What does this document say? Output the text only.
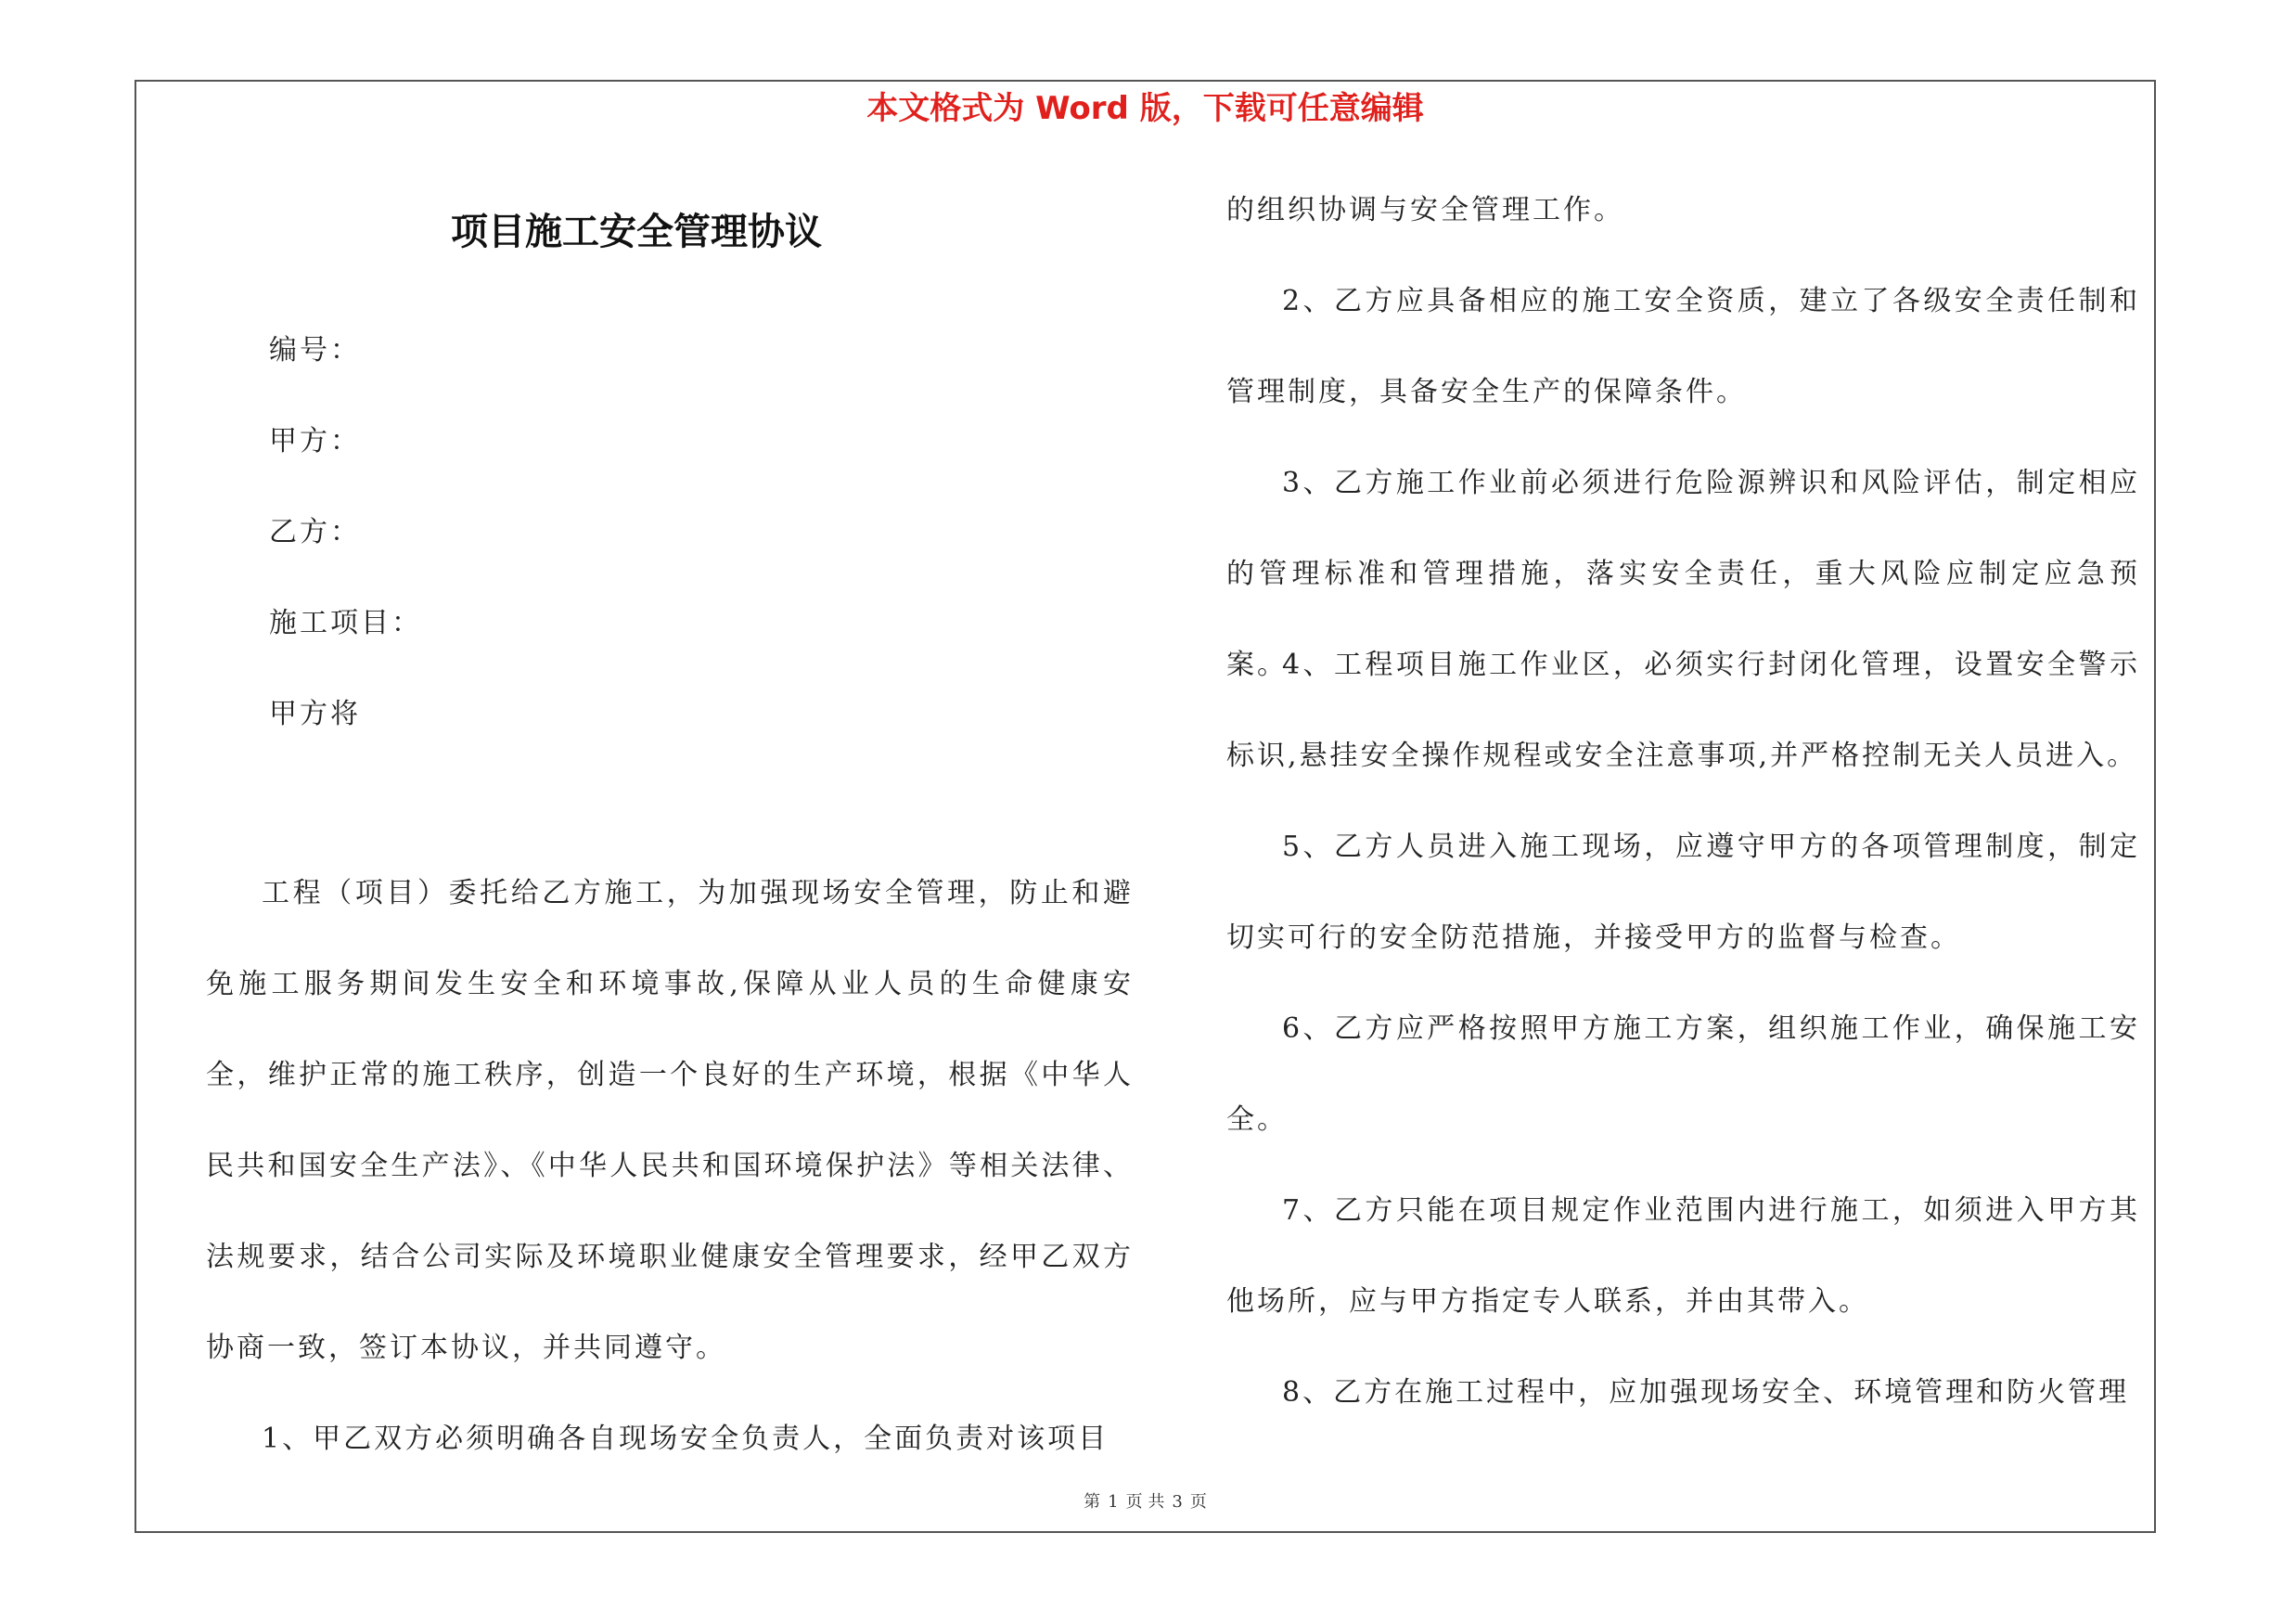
本文格式为 Word 版，下载可任意编辑
项目施工安全管理协议
编号：
甲方：
乙方：
施工项目：
甲方将

工程（项目）委托给乙方施工，为加强现场安全管理，防止和避免施工服务期间发生安全和环境事故,保障从业人员的生命健康安全，维护正常的施工秩序，创造一个良好的生产环境，根据《中华人民共和国安全生产法》、《中华人民共和国环境保护法》等相关法律、法规要求，结合公司实际及环境职业健康安全管理要求，经甲乙双方协商一致，签订本协议，并共同遵守。

1、甲乙双方必须明确各自现场安全负责人，全面负责对该项目

的组织协调与安全管理工作。

2、乙方应具备相应的施工安全资质，建立了各级安全责任制和管理制度，具备安全生产的保障条件。

3、乙方施工作业前必须进行危险源辨识和风险评估，制定相应的管理标准和管理措施，落实安全责任，重大风险应制定应急预案。

4、工程项目施工作业区，必须实行封闭化管理，设置安全警示标识,悬挂安全操作规程或安全注意事项,并严格控制无关人员进入。

5、乙方人员进入施工现场，应遵守甲方的各项管理制度，制定切实可行的安全防范措施，并接受甲方的监督与检查。

6、乙方应严格按照甲方施工方案，组织施工作业，确保施工安全。

7、乙方只能在项目规定作业范围内进行施工，如须进入甲方其他场所，应与甲方指定专人联系，并由其带入。

8、乙方在施工过程中，应加强现场安全、环境管理和防火管理

第 1 页 共 3 页
